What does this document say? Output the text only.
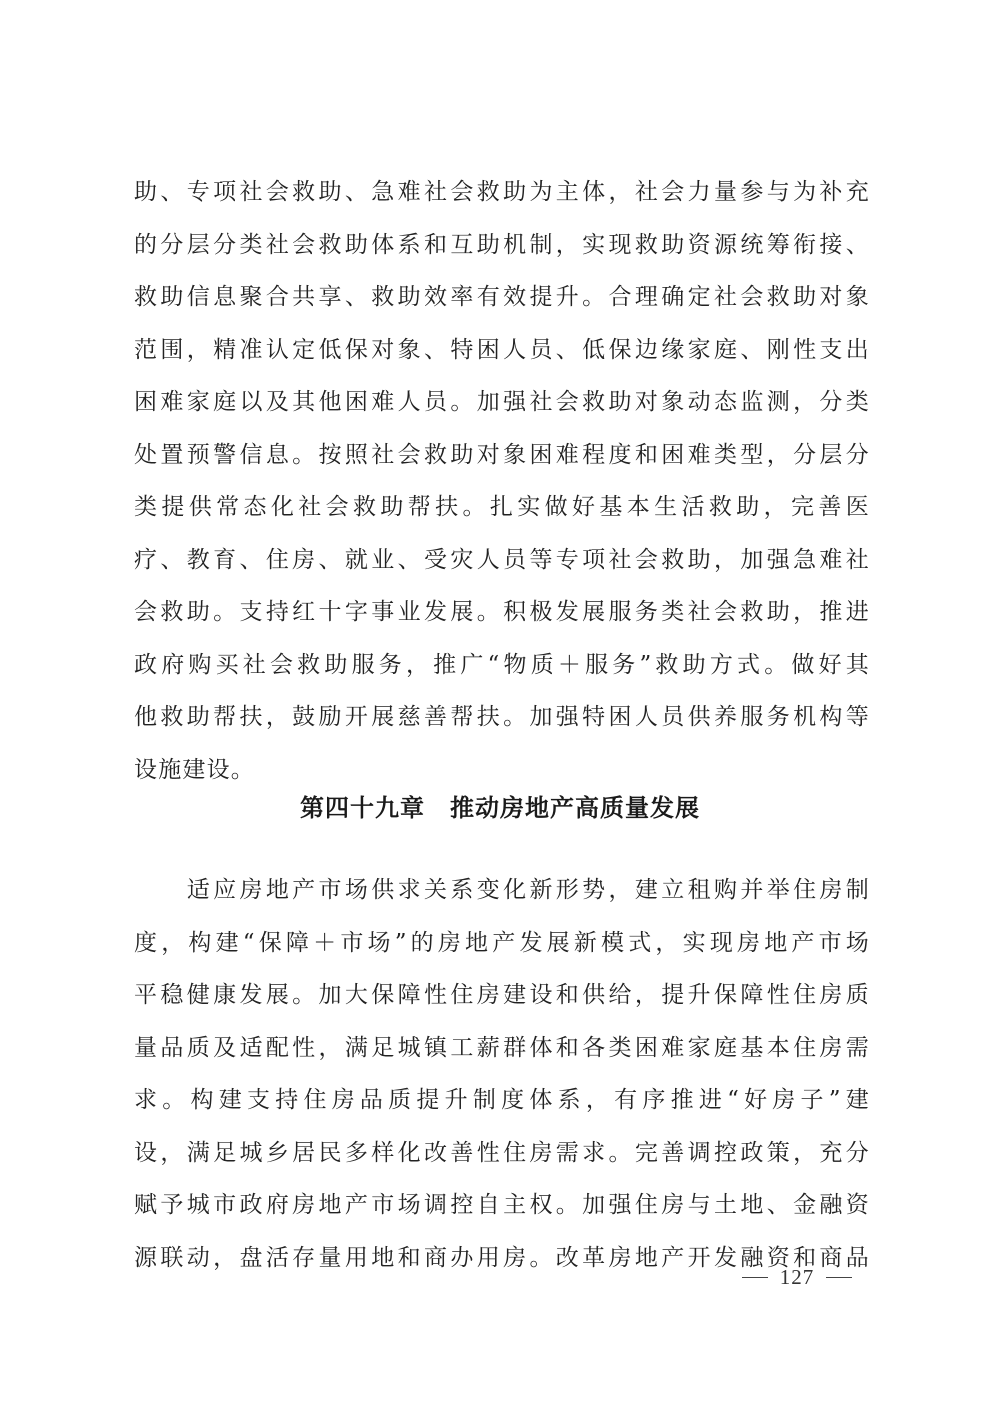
助、专项社会救助、急难社会救助为主体，社会力量参与为补充
的分层分类社会救助体系和互助机制，实现救助资源统筹衔接、
救助信息聚合共享、救助效率有效提升。合理确定社会救助对象
范围，精准认定低保对象、特困人员、低保边缘家庭、刚性支出
困难家庭以及其他困难人员。加强社会救助对象动态监测，分类
处置预警信息。按照社会救助对象困难程度和困难类型，分层分
类提供常态化社会救助帮扶。扎实做好基本生活救助，完善医
疗、教育、住房、就业、受灾人员等专项社会救助，加强急难社
会救助。支持红十字事业发展。积极发展服务类社会救助，推进
政府购买社会救助服务，推广“物质＋服务”救助方式。做好其
他救助帮扶，鼓励开展慈善帮扶。加强特困人员供养服务机构等
设施建设。
第四十九章　推动房地产高质量发展
　　适应房地产市场供求关系变化新形势，建立租购并举住房制
度，构建“保障＋市场”的房地产发展新模式，实现房地产市场
平稳健康发展。加大保障性住房建设和供给，提升保障性住房质
量品质及适配性，满足城镇工薪群体和各类困难家庭基本住房需
求。构建支持住房品质提升制度体系，有序推进“好房子”建
设，满足城乡居民多样化改善性住房需求。完善调控政策，充分
赋予城市政府房地产市场调控自主权。加强住房与土地、金融资
源联动，盘活存量用地和商办用房。改革房地产开发融资和商品
127
